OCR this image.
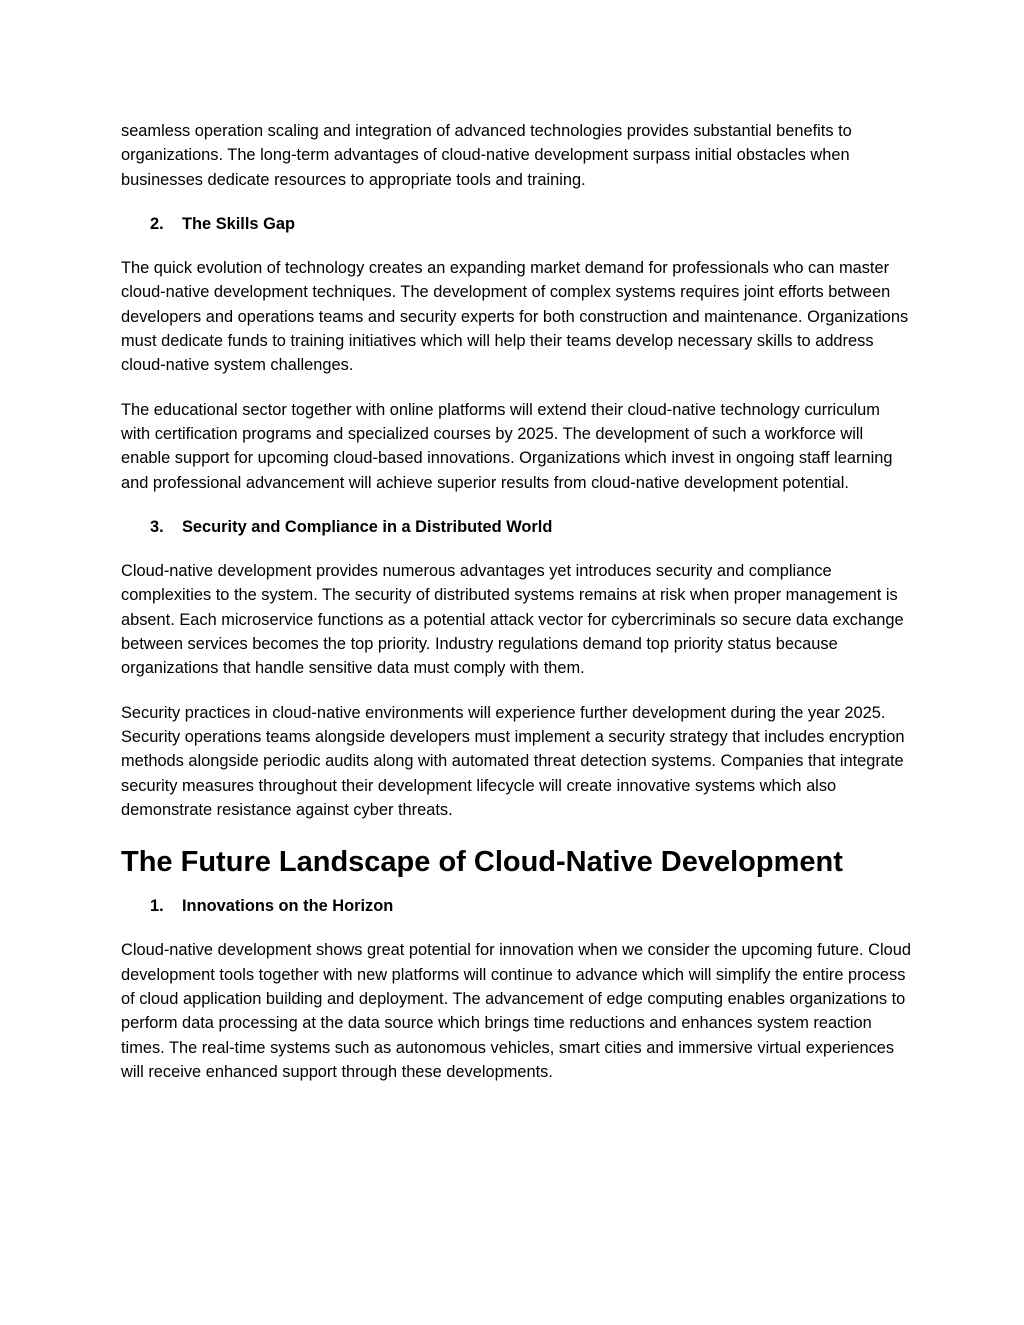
seamless operation scaling and integration of advanced technologies provides substantial benefits to organizations. The long-term advantages of cloud-native development surpass initial obstacles when businesses dedicate resources to appropriate tools and training.

2.	The Skills Gap

The quick evolution of technology creates an expanding market demand for professionals who can master cloud-native development techniques. The development of complex systems requires joint efforts between developers and operations teams and security experts for both construction and maintenance. Organizations must dedicate funds to training initiatives which will help their teams develop necessary skills to address cloud-native system challenges.

The educational sector together with online platforms will extend their cloud-native technology curriculum with certification programs and specialized courses by 2025. The development of such a workforce will enable support for upcoming cloud-based innovations. Organizations which invest in ongoing staff learning and professional advancement will achieve superior results from cloud-native development potential.

3.	Security and Compliance in a Distributed World

Cloud-native development provides numerous advantages yet introduces security and compliance complexities to the system. The security of distributed systems remains at risk when proper management is absent. Each microservice functions as a potential attack vector for cybercriminals so secure data exchange between services becomes the top priority. Industry regulations demand top priority status because organizations that handle sensitive data must comply with them.

Security practices in cloud-native environments will experience further development during the year 2025. Security operations teams alongside developers must implement a security strategy that includes encryption methods alongside periodic audits along with automated threat detection systems. Companies that integrate security measures throughout their development lifecycle will create innovative systems which also demonstrate resistance against cyber threats.

The Future Landscape of Cloud-Native Development
1.	Innovations on the Horizon

Cloud-native development shows great potential for innovation when we consider the upcoming future. Cloud development tools together with new platforms will continue to advance which will simplify the entire process of cloud application building and deployment. The advancement of edge computing enables organizations to perform data processing at the data source which brings time reductions and enhances system reaction times. The real-time systems such as autonomous vehicles, smart cities and immersive virtual experiences will receive enhanced support through these developments.
